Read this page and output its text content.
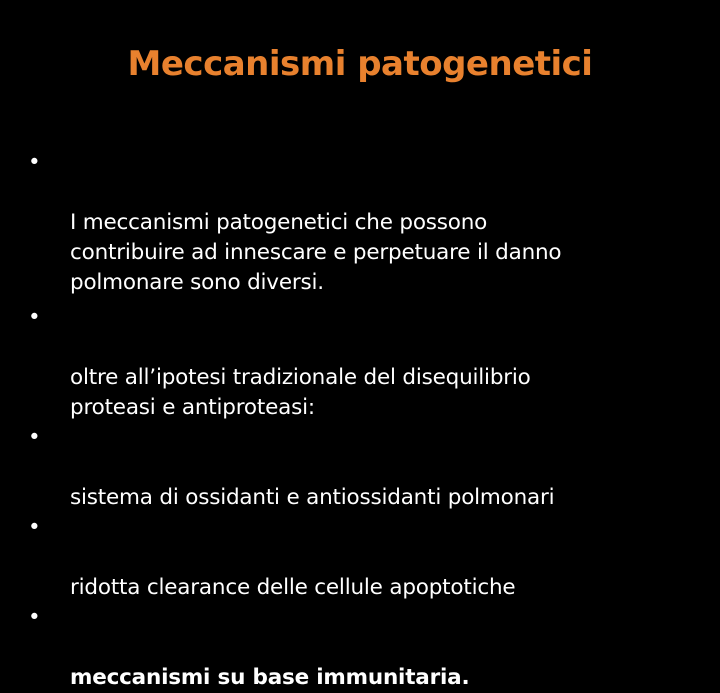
Meccanismi patogenetici

•

I meccanismi patogenetici che possono
contribuire ad innescare e perpetuare il danno
polmonare sono diversi.

•

oltre all’ipotesi tradizionale del disequilibrio
proteasi e antiproteasi:

•

sistema di ossidanti e antiossidanti polmonari

•

ridotta clearance delle cellule apoptotiche

•

meccanismi su base immunitaria.
